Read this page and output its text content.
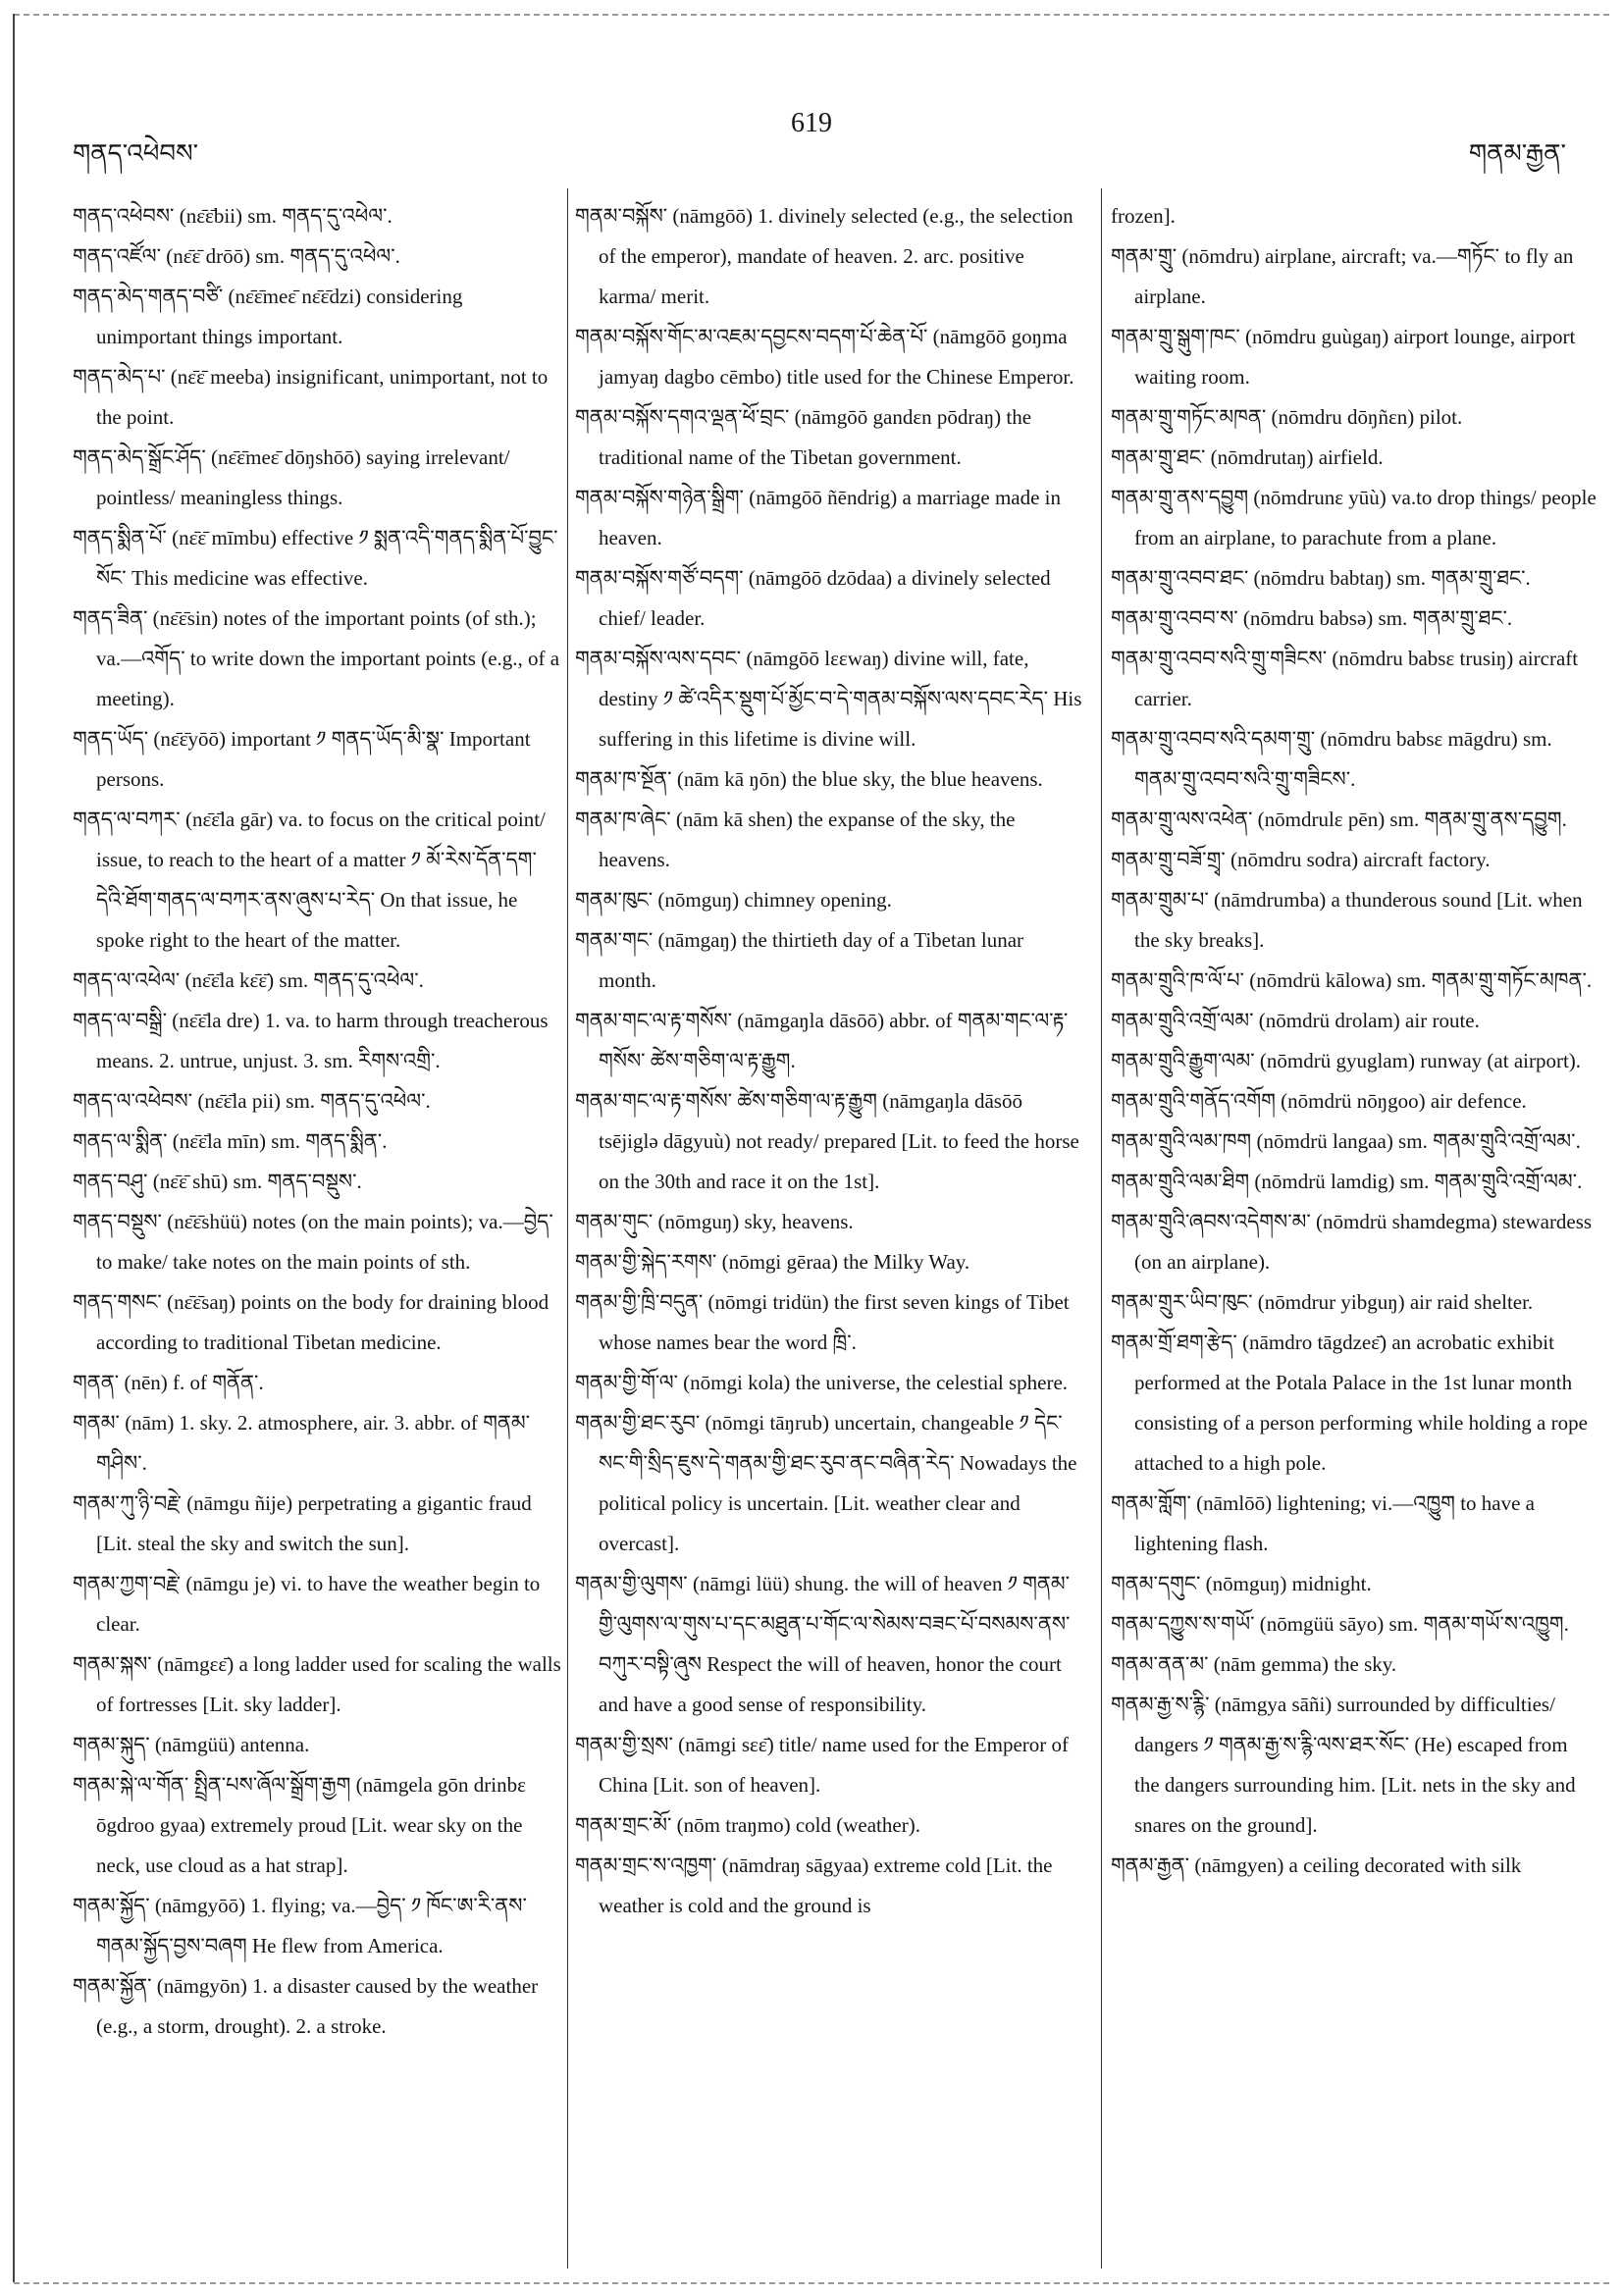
གནད་འཕེབས་
619
གནམ་རྒྱན་

གནད་འཕེབས་ (nɛ̄ɛ̄bii) sm. གནད་དུ་འཕེལ་.

གནད་འཛོལ་ (nɛ̄ɛ̄ drōō) sm. གནད་དུ་འཕེལ་.

གནད་མེད་གནད་བཙི་ (nɛ̄ɛ̄meɛ̄ nɛ̄ɛ̄dzi) considering unimportant things important.

གནད་མེད་པ་ (nɛ̄ɛ̄ meeba) insignificant, unimportant, not to the point.

གནད་མེད་སྒྲོང་ཤོད་ (nɛ̄ɛ̄meɛ̄ dōŋshōō) saying irrelevant/ pointless/ meaningless things.

གནད་སྨིན་པོ་ (nɛ̄ɛ̄ mīmbu) effective ༡ སྨན་འདི་གནད་སྨིན་པོ་བྱུང་སོང་ This medicine was effective.

གནད་ཟིན་ (nɛ̄ɛ̄sin) notes of the important points (of sth.); va.—འགོད་ to write down the important points (e.g., of a meeting).

གནད་ཡོད་ (nɛ̄ɛ̄yōō) important ༡ གནད་ཡོད་མི་སྣ་ Important persons.

གནད་ལ་བཀར་ (nɛ̄ɛ̄la gār) va. to focus on the critical point/ issue, to reach to the heart of a matter ༡ མོ་རེས་དོན་དག་དེའི་ཐོག་གནད་ལ་བཀར་ནས་ཞུས་པ་རེད་ On that issue, he spoke right to the heart of the matter.

གནད་ལ་འཕེལ་ (nɛ̄ɛ̄la kɛ̄ɛ̄) sm. གནད་དུ་འཕེལ་.

གནད་ལ་བསྒྲི་ (nɛ̄ɛ̄la dre) 1. va. to harm through treacherous means. 2. untrue, unjust. 3. sm. རིགས་འགྲི་.

གནད་ལ་འཕེབས་ (nɛ̄ɛ̄la pii) sm. གནད་དུ་འཕེལ་.

གནད་ལ་སྨིན་ (nɛ̄ɛ̄la mīn) sm. གནད་སྨིན་.

གནད་བཤུ་ (nɛ̄ɛ̄ shū) sm. གནད་བསྡུས་.

གནད་བསྡུས་ (nɛ̄ɛ̄shüü) notes (on the main points); va.—བྱེད་ to make/ take notes on the main points of sth.

གནད་གསང་ (nɛ̄ɛ̄saŋ) points on the body for draining blood according to traditional Tibetan medicine.

གནན་ (nēn) f. of གནོན་.

གནམ་ (nām) 1. sky. 2. atmosphere, air. 3. abbr. of གནམ་གཤིས་.

གནམ་ཀུ་ཉི་བརྗེ་ (nāmgu ñije) perpetrating a gigantic fraud [Lit. steal the sky and switch the sun].

གནམ་ཀྱག་བརྗེ་ (nāmgu je) vi. to have the weather begin to clear.

གནམ་སྐས་ (nāmgɛɛ̄) a long ladder used for scaling the walls of fortresses [Lit. sky ladder].

གནམ་སྐུད་ (nāmgüü) antenna.

གནམ་སྐེ་ལ་གོན་ སྤྲིན་པས་ཞོལ་སྒྲོག་རྒྱག (nāmgela gōn drinbɛ ōgdroo gyaa) extremely proud [Lit. wear sky on the neck, use cloud as a hat strap].

གནམ་སྐྱོད་ (nāmgyōō) 1. flying; va.—བྱེད་ ༡ ཁོང་ཨ་རི་ནས་གནམ་སྐྱོད་བྱས་བཞག He flew from America.

གནམ་སྐྱོན་ (nāmgyōn) 1. a disaster caused by the weather (e.g., a storm, drought). 2. a stroke.

གནམ་བསྐོས་ (nāmgōō) 1. divinely selected (e.g., the selection of the emperor), mandate of heaven. 2. arc. positive karma/ merit.

གནམ་བསྐོས་གོང་མ་འཇམ་དབྱངས་བདག་པོ་ཆེན་པོ་ (nāmgōō goŋma jamyaŋ dagbo cēmbo) title used for the Chinese Emperor.

གནམ་བསྐོས་དགའ་ལྡན་ཕོ་བྲང་ (nāmgōō gandɛn pōdraŋ) the traditional name of the Tibetan government.

གནམ་བསྐོས་གཉེན་སྒྲིག་ (nāmgōō ñēndrig) a marriage made in heaven.

གནམ་བསྐོས་གཙོ་བདག་ (nāmgōō dzōdaa) a divinely selected chief/ leader.

གནམ་བསྐོས་ལས་དབང་ (nāmgōō lɛɛwaŋ) divine will, fate, destiny ༡ ཚེ་འདིར་སྡུག་པོ་མྱོང་བ་དེ་གནམ་བསྐོས་ལས་དབང་རེད་ His suffering in this lifetime is divine will.

གནམ་ཁ་སྔོན་ (nām kā ŋōn) the blue sky, the blue heavens.

གནམ་ཁ་ཞེང་ (nām kā shen) the expanse of the sky, the heavens.

གནམ་ཁུང་ (nōmguŋ) chimney opening.

གནམ་གང་ (nāmgaŋ) the thirtieth day of a Tibetan lunar month.

གནམ་གང་ལ་རྟ་གསོས་ (nāmgaŋla dāsōō) abbr. of གནམ་གང་ལ་རྟ་གསོས་ ཚེས་གཅིག་ལ་རྟ་རྒྱུག.

གནམ་གང་ལ་རྟ་གསོས་ ཚེས་གཅིག་ལ་རྟ་རྒྱུག (nāmgaŋla dāsōō tsējiglə dāgyuù) not ready/ prepared [Lit. to feed the horse on the 30th and race it on the 1st].

གནམ་གུང་ (nōmguŋ) sky, heavens.

གནམ་གྱི་སྐེད་རགས་ (nōmgi gēraa) the Milky Way.

གནམ་གྱི་ཁྲི་བདུན་ (nōmgi tridün) the first seven kings of Tibet whose names bear the word ཁྲི་.

གནམ་གྱི་གོ་ལ་ (nōmgi kola) the universe, the celestial sphere.

གནམ་གྱི་ཐང་རུབ་ (nōmgi tāŋrub) uncertain, changeable ༡ དེང་སང་གི་སྲིད་ཇུས་དེ་གནམ་གྱི་ཐང་རུབ་ནང་བཞིན་རེད་ Nowadays the political policy is uncertain. [Lit. weather clear and overcast].

གནམ་གྱི་ལུགས་ (nāmgi lüü) shung. the will of heaven ༡ གནམ་གྱི་ལུགས་ལ་གུས་པ་དང་མཐུན་པ་གོང་ལ་སེམས་བཟང་པོ་བསམས་ནས་བཀུར་བསྟི་ཞུས Respect the will of heaven, honor the court and have a good sense of responsibility.

གནམ་གྱི་སྲས་ (nāmgi sɛɛ̄) title/ name used for the Emperor of China [Lit. son of heaven].

གནམ་གྲང་མོ་ (nōm traŋmo) cold (weather).

གནམ་གྲང་ས་འཁྱག་ (nāmdraŋ sāgyaa) extreme cold [Lit. the weather is cold and the ground is

frozen].

གནམ་གྲུ་ (nōmdru) airplane, aircraft; va.—གཏོང་ to fly an airplane.

གནམ་གྲུ་སྒུག་ཁང་ (nōmdru guùgaŋ) airport lounge, airport waiting room.

གནམ་གྲུ་གཏོང་མཁན་ (nōmdru dōŋñɛn) pilot.

གནམ་གྲུ་ཐང་ (nōmdrutaŋ) airfield.

གནམ་གྲུ་ནས་དབྱུག (nōmdrunɛ yūù) va.to drop things/ people from an airplane, to parachute from a plane.

གནམ་གྲུ་འབབ་ཐང་ (nōmdru babtaŋ) sm. གནམ་གྲུ་ཐང་.

གནམ་གྲུ་འབབ་ས་ (nōmdru babsə) sm. གནམ་གྲུ་ཐང་.

གནམ་གྲུ་འབབ་སའི་གྲུ་གཟིངས་ (nōmdru babsɛ trusiŋ) aircraft carrier.

གནམ་གྲུ་འབབ་སའི་དམག་གྲུ་ (nōmdru babsɛ māgdru) sm. གནམ་གྲུ་འབབ་སའི་གྲུ་གཟིངས་.

གནམ་གྲུ་ལས་འཕེན་ (nōmdrulɛ pēn) sm. གནམ་གྲུ་ནས་དབྱུག.

གནམ་གྲུ་བཟོ་གྲྭ་ (nōmdru sodra) aircraft factory.

གནམ་གྲུམ་པ་ (nāmdrumba) a thunderous sound [Lit. when the sky breaks].

གནམ་གྲུའི་ཁ་ལོ་པ་ (nōmdrü kālowa) sm. གནམ་གྲུ་གཏོང་མཁན་.

གནམ་གྲུའི་འགྲོ་ལམ་ (nōmdrü drolam) air route.

གནམ་གྲུའི་རྒྱུག་ལམ་ (nōmdrü gyuglam) runway (at airport).

གནམ་གྲུའི་གནོད་འགོག (nōmdrü nōŋgoo) air defence.

གནམ་གྲུའི་ལམ་ཁག (nōmdrü langaa) sm. གནམ་གྲུའི་འགྲོ་ལམ་.

གནམ་གྲུའི་ལམ་ཐིག (nōmdrü lamdig) sm. གནམ་གྲུའི་འགྲོ་ལམ་.

གནམ་གྲུའི་ཞབས་འདེགས་མ་ (nōmdrü shamdegma) stewardess (on an airplane).

གནམ་གྲུར་ཡིབ་ཁུང་ (nōmdrur yibguŋ) air raid shelter.

གནམ་གྲོ་ཐག་རྩེད་ (nāmdro tāgdzeɛ̄) an acrobatic exhibit performed at the Potala Palace in the 1st lunar month consisting of a person performing while holding a rope attached to a high pole.

གནམ་གློག་ (nāmlōō) lightening; vi.—འཁྱུག to have a lightening flash.

གནམ་དགུང་ (nōmguŋ) midnight.

གནམ་དཀྱུས་ས་གཡོ་ (nōmgüü sāyo) sm. གནམ་གཡོ་ས་འཁྱུག.

གནམ་ནན་མ་ (nām gemma) the sky.

གནམ་རྒྱ་ས་རྙི་ (nāmgya sāñi) surrounded by difficulties/ dangers ༡ གནམ་རྒྱ་ས་རྙི་ལས་ཐར་སོང་ (He) escaped from the dangers surrounding him. [Lit. nets in the sky and snares on the ground].

གནམ་རྒྱན་ (nāmgyen) a ceiling decorated with silk
